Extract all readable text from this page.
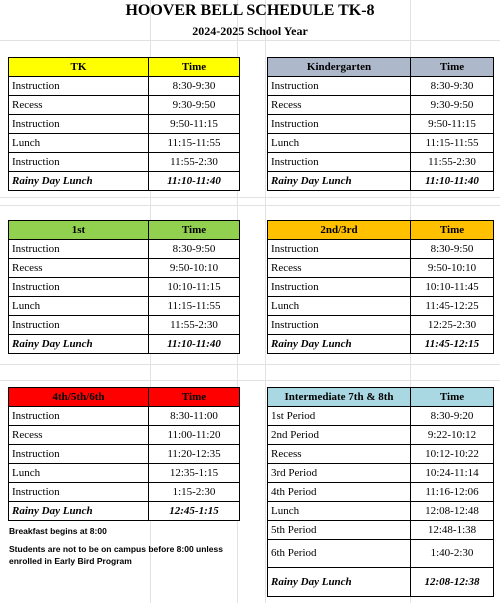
HOOVER BELL SCHEDULE TK-8
2024-2025 School Year
TK	Time
Instruction	8:30-9:30
Recess	9:30-9:50
Instruction	9:50-11:15
Lunch	11:15-11:55
Instruction	11:55-2:30
Rainy Day Lunch	11:10-11:40
Kindergarten	Time
Instruction	8:30-9:30
Recess	9:30-9:50
Instruction	9:50-11:15
Lunch	11:15-11:55
Instruction	11:55-2:30
Rainy Day Lunch	11:10-11:40
1st	Time
Instruction	8:30-9:50
Recess	9:50-10:10
Instruction	10:10-11:15
Lunch	11:15-11:55
Instruction	11:55-2:30
Rainy Day Lunch	11:10-11:40
2nd/3rd	Time
Instruction	8:30-9:50
Recess	9:50-10:10
Instruction	10:10-11:45
Lunch	11:45-12:25
Instruction	12:25-2:30
Rainy Day Lunch	11:45-12:15
4th/5th/6th	Time
Instruction	8:30-11:00
Recess	11:00-11:20
Instruction	11:20-12:35
Lunch	12:35-1:15
Instruction	1:15-2:30
Rainy Day Lunch	12:45-1:15
Intermediate 7th & 8th	Time
1st Period	8:30-9:20
2nd Period	9:22-10:12
Recess	10:12-10:22
3rd Period	10:24-11:14
4th Period	11:16-12:06
Lunch	12:08-12:48
5th Period	12:48-1:38
6th Period	1:40-2:30
Rainy Day Lunch	12:08-12:38
Breakfast begins at 8:00
Students are not to be on campus before 8:00 unless enrolled in Early Bird Program
